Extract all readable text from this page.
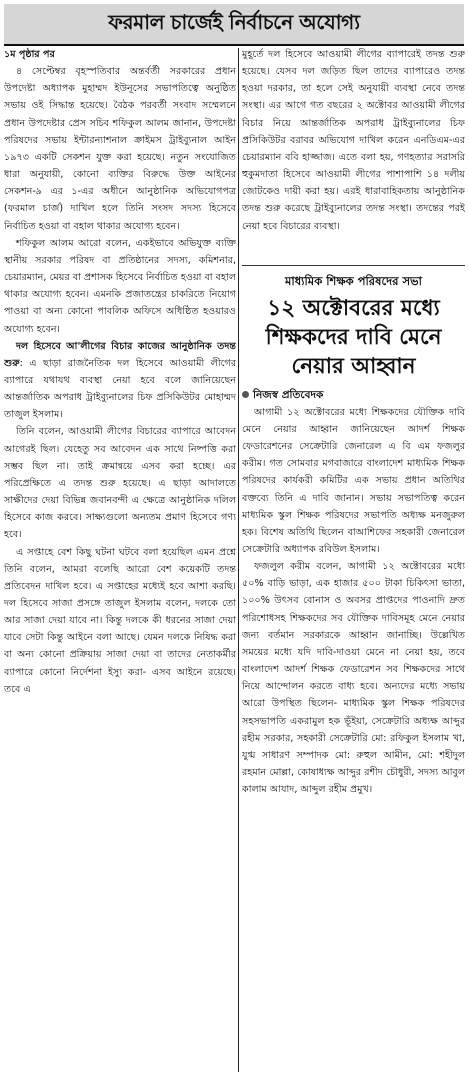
ফরমাল চার্জেই নির্বাচনে অযোগ্য

১ম পৃষ্ঠার পর

৪ সেপ্টেম্বর বৃহস্পতিবার অন্তর্বর্তী সরকারের প্রধান উপদেষ্টা অধ্যাপক মুহাম্মদ ইউনূসের সভাপতিত্বে অনুষ্ঠিত সভায় ওই সিদ্ধান্ত হয়েছে। বৈঠক পরবর্তী সংবাদ সম্মেলনে প্রধান উপদেষ্টার প্রেস সচিব শফিকুল আলম জানান, উপদেষ্টা পরিষদের সভায় ইন্টারন্যাশনাল ক্রাইমস ট্রাইব্যুনাল আইন ১৯৭৩ একটি সেকশন যুক্ত করা হয়েছে। নতুন সংযোজিত ধারা অনুযায়ী, কোনো ব্যক্তির বিরুদ্ধে উক্ত আইনের সেকশন-৯ এর ১-এর অধীনে আনুষ্ঠানিক অভিযোগপত্র (ফরমাল চার্জ) দাখিল হলে তিনি সংসদ সদস্য হিসেবে নির্বাচিত হওয়া বা বহাল থাকার অযোগ্য হবেন।

শফিকুল আলম আরো বলেন, একইভাবে অভিযুক্ত ব্যক্তি স্থানীয় সরকার পরিষদ বা প্রতিষ্ঠানের সদস্য, কমিশনার, চেয়ারম্যান, মেয়র বা প্রশাসক হিসেবে নির্বাচিত হওয়া বা বহাল থাকার অযোগ্য হবেন। এমনকি প্রজাতন্ত্রের চাকরিতে নিয়োগ পাওয়া বা অন্য কোনো পাবলিক অফিসে অধিষ্ঠিত হওয়ারও অযোগ্য হবেন।

দল হিসেবে আ'লীগের বিচার কাজের আনুষ্ঠানিক তদন্ত শুরু: এ ছাড়া রাজনৈতিক দল হিসেবে আওয়ামী লীগের ব্যাপারে যথাযথ ব্যবস্থা নেয়া হবে বলে জানিয়েছেন আন্তর্জাতিক অপরাধ ট্রাইব্যুনালের চিফ প্রসিকিউটর মোহাম্মদ তাজুল ইসলাম।

তিনি বলেন, আওয়ামী লীগের বিচারের ব্যাপারে আবেদন আগেরই ছিল। যেহেতু সব আবেদন এক সাথে নিষ্পত্তি করা সম্ভব ছিল না। তাই ক্রমান্বয়ে এসব করা হচ্ছে। এর পরিপ্রেক্ষিতে এ তদন্ত শুরু হয়েছে। এ ছাড়া আদালতে সাক্ষীদের দেয়া বিভিন্ন জবানবন্দী এ ক্ষেত্রে আনুষ্ঠানিক দলিল হিসেবে কাজ করবে। সাক্ষ্যগুলো অন্যতম প্রমাণ হিসেবে গণ্য হবে।

এ সপ্তাহে বেশ কিছু ঘটনা ঘটবে বলা হয়েছিল এমন প্রশ্নে তিনি বলেন, আমরা বলেছি আরো বেশ কয়েকটি তদন্ত প্রতিবেদন দাখিল হবে। এ সপ্তাহের মধ্যেই হবে আশা করছি। দল হিসেবে সাজা প্রসঙ্গে তাজুল ইসলাম বলেন, দলকে তো আর সাজা দেয়া যাবে না। কিন্তু দলকে কী ধরনের সাজা দেয়া যাবে সেটা কিন্তু আইনে বলা আছে। যেমন দলকে নিষিদ্ধ করা বা অন্য কোনো প্রক্রিয়ায় সাজা দেয়া বা তাদের নেতাকর্মীর ব্যাপারে কোনো নির্দেশনা ইস্যু করা- এসব আইনে রয়েছে। তবে এ

মুহূর্তে দল হিসেবে আওয়ামী লীগের ব্যাপারেই তদন্ত শুরু হয়েছে। যেসব দল জড়িত ছিল তাদের ব্যাপারেও তদন্ত হওয়া দরকার, তা হলে সেই অনুযায়ী ব্যবস্থা নেবে তদন্ত সংস্থা। এর আগে গত বছরের ২ অক্টোবর আওয়ামী লীগের বিচার নিয়ে আন্তর্জাতিক অপরাধ ট্রাইব্যুনালের চিফ প্রসিকিউটর বরাবর অভিযোগ দাখিল করেন এনডিএম-এর চেয়ারম্যান ববি হাজ্জাজ। এতে বলা হয়, গণহত্যার সরাসরি হুকুমদাতা হিসেবে আওয়ামী লীগের পাশাপাশি ১৪ দলীয় জোটকেও দায়ী করা হয়। এরই ধারাবাহিকতায় আনুষ্ঠানিক তদন্ত শুরু করেছে ট্রাইব্যুনালের তদন্ত সংস্থা। তদন্তের পরই নেয়া হবে বিচারের ব্যবস্থা।

মাধ্যমিক শিক্ষক পরিষদের সভা
১২ অক্টোবরের মধ্যে শিক্ষকদের দাবি মেনে নেয়ার আহ্বান
নিজস্ব প্রতিবেদক

আগামী ১২ অক্টোবরের মধ্যে শিক্ষকদের যৌক্তিক দাবি মেনে নেয়ার আহ্বান জানিয়েছেন আদর্শ শিক্ষক ফেডারেশনের সেক্রেটারি জেনারেল এ বি এম ফজলুর করীম। গত সোমবার মগবাজারে বাংলাদেশ মাধ্যমিক শিক্ষক পরিষদের কার্যকরী কমিটির এক সভায় প্রধান অতিথির বক্তব্যে তিনি এ দাবি জানান। সভায় সভাপতিত্ব করেন মাধ্যমিক স্কুল শিক্ষক পরিষদের সভাপতি অধ্যক্ষ মনজুরুল হক। বিশেষ অতিথি ছিলেন বাআশিফের সহকারী জেনারেল সেক্রেটারি অধ্যাপক রবিউল ইসলাম।

ফজলুল করীম বলেন, আগামী ১২ অক্টোবরের মধ্যে ৫০% বাড়ি ভাড়া, এক হাজার ৫০০ টাকা চিকিৎসা ভাতা, ১০০% উৎসব বোনাস ও অবসর প্রাপ্তদের পাওনাদি দ্রুত পরিশোধসহ শিক্ষকদের সব যৌক্তিক দাবিসমূহ মেনে নেয়ার জন্য বর্তমান সরকারকে আহ্বান জানাচ্ছি। উল্লেখিত সময়ের মধ্যে যদি দাবি-দাওয়া মেনে না নেয়া হয়, তবে বাংলাদেশ আদর্শ শিক্ষক ফেডারেশন সব শিক্ষকদের সাথে নিয়ে আন্দোলন করতে বাধ্য হবে। অন্যদের মধ্যে সভায় আরো উপস্থিত ছিলেন- মাধ্যমিক স্কুল শিক্ষক পরিষদের সহসভাপতি একরামুল হক ভূঁইয়া, সেক্রেটারি অধ্যক্ষ আব্দুর রহীম সরকার, সহকারী সেক্রেটারি মো: রফিকুল ইসলাম খা, যুগ্ম সাধারণ সম্পাদক মো: রুহুল আমীন, মো: শহীদুল রহমান মোল্লা, কোষাধ্যক্ষ আব্দুর রশীদ চৌধুরী, সদস্য আবুল কালাম আযাদ, আব্দুল রহীম প্রমুখ।
